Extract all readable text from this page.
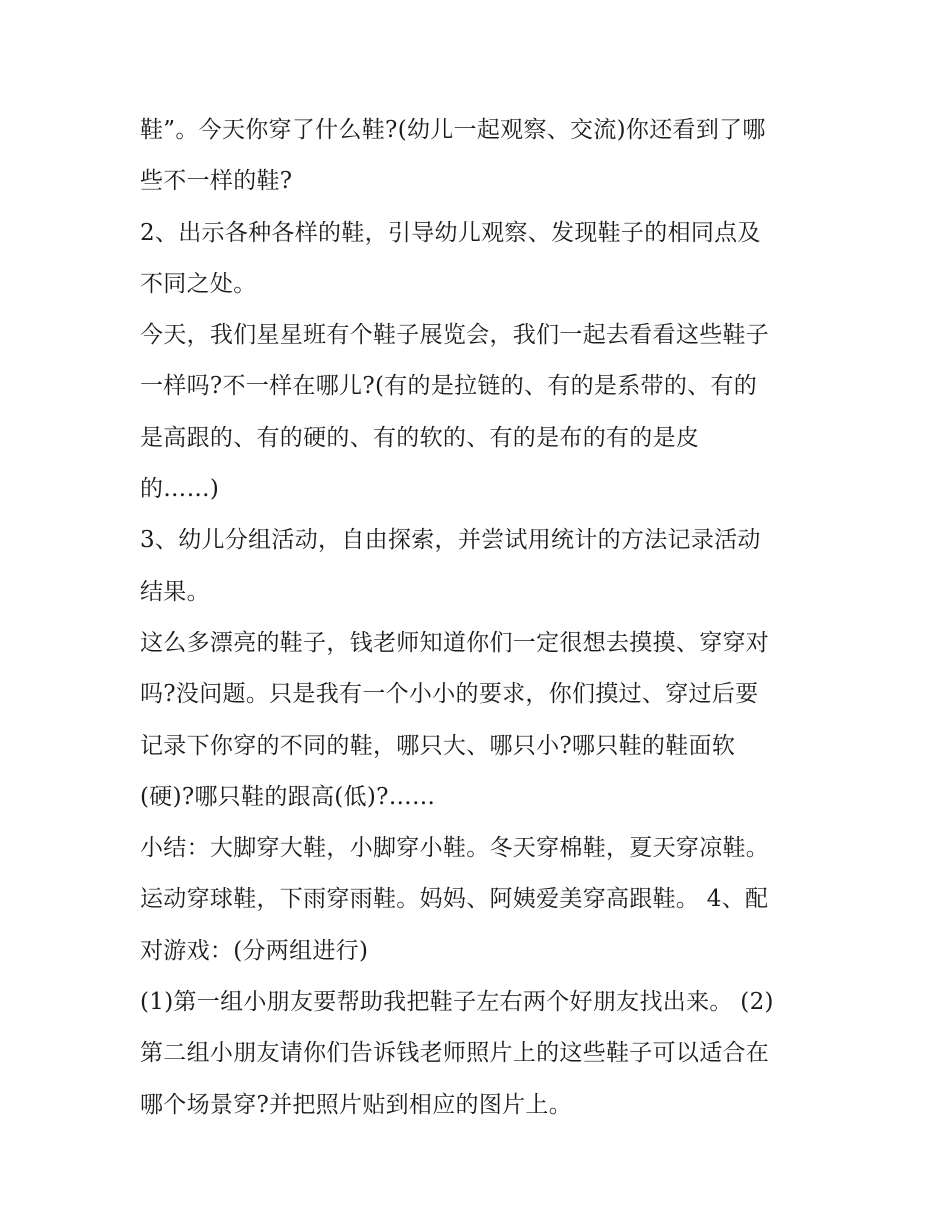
鞋”。今天你穿了什么鞋?(幼儿一起观察、交流)你还看到了哪
些不一样的鞋?
2、出示各种各样的鞋，引导幼儿观察、发现鞋子的相同点及
不同之处。
今天，我们星星班有个鞋子展览会，我们一起去看看这些鞋子
一样吗?不一样在哪儿?(有的是拉链的、有的是系带的、有的
是高跟的、有的硬的、有的软的、有的是布的有的是皮
的……)
3、幼儿分组活动，自由探索，并尝试用统计的方法记录活动
结果。
这么多漂亮的鞋子，钱老师知道你们一定很想去摸摸、穿穿对
吗?没问题。只是我有一个小小的要求，你们摸过、穿过后要
记录下你穿的不同的鞋，哪只大、哪只小?哪只鞋的鞋面软
(硬)?哪只鞋的跟高(低)?……
小结：大脚穿大鞋，小脚穿小鞋。冬天穿棉鞋，夏天穿凉鞋。
运动穿球鞋，下雨穿雨鞋。妈妈、阿姨爱美穿高跟鞋。 4、配
对游戏：(分两组进行)
(1)第一组小朋友要帮助我把鞋子左右两个好朋友找出来。 (2)
第二组小朋友请你们告诉钱老师照片上的这些鞋子可以适合在
哪个场景穿?并把照片贴到相应的图片上。
